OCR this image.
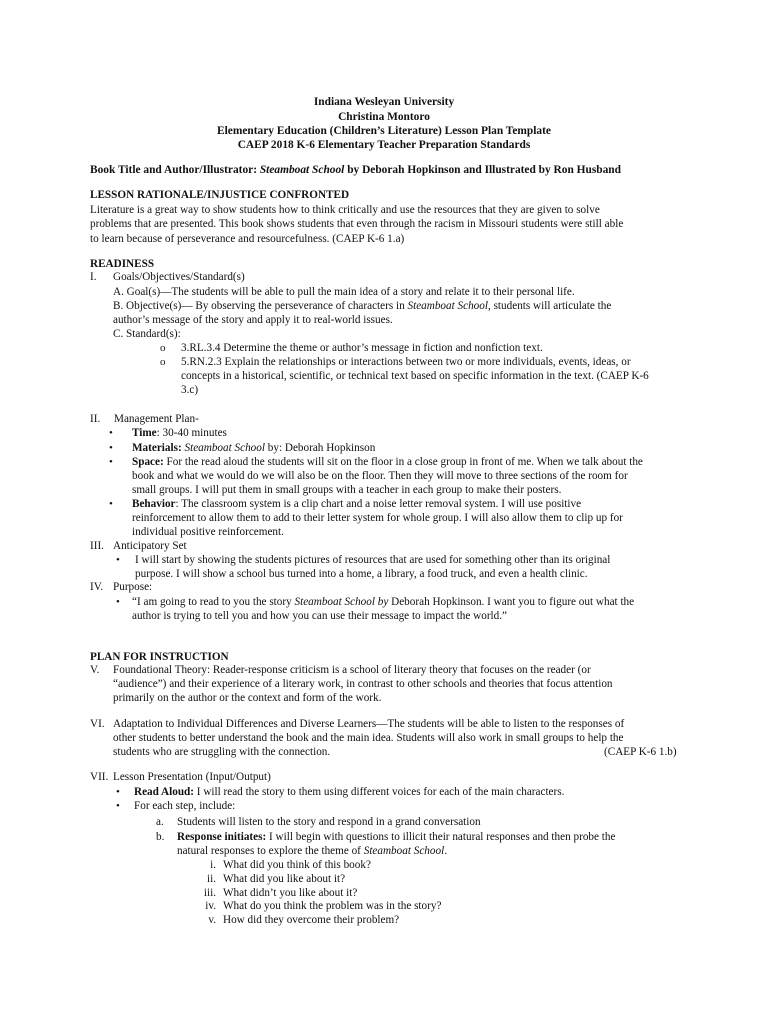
Indiana Wesleyan University
Christina Montoro
Elementary Education (Children’s Literature) Lesson Plan Template
CAEP 2018 K-6 Elementary Teacher Preparation Standards
Book Title and Author/Illustrator: Steamboat School by Deborah Hopkinson and Illustrated by Ron Husband
LESSON RATIONALE/INJUSTICE CONFRONTED
Literature is a great way to show students how to think critically and use the resources that they are given to solve
problems that are presented. This book shows students that even through the racism in Missouri students were still able
to learn because of perseverance and resourcefulness. (CAEP K-6 1.a)
READINESS
I. Goals/Objectives/Standard(s)
A. Goal(s)—The students will be able to pull the main idea of a story and relate it to their personal life.
B. Objective(s)— By observing the perseverance of characters in Steamboat School, students will articulate the
author’s message of the story and apply it to real-world issues.
C. Standard(s):
o 3.RL.3.4 Determine the theme or author’s message in fiction and nonfiction text.
o 5.RN.2.3 Explain the relationships or interactions between two or more individuals, events, ideas, or
concepts in a historical, scientific, or technical text based on specific information in the text. (CAEP K-6
3.c)
II. Management Plan-
• Time: 30-40 minutes
• Materials: Steamboat School by: Deborah Hopkinson
• Space: For the read aloud the students will sit on the floor in a close group in front of me. When we talk about the
book and what we would do we will also be on the floor. Then they will move to three sections of the room for
small groups. I will put them in small groups with a teacher in each group to make their posters.
• Behavior: The classroom system is a clip chart and a noise letter removal system. I will use positive
reinforcement to allow them to add to their letter system for whole group. I will also allow them to clip up for
individual positive reinforcement.
III. Anticipatory Set
• I will start by showing the students pictures of resources that are used for something other than its original
purpose. I will show a school bus turned into a home, a library, a food truck, and even a health clinic.
IV. Purpose:
• “I am going to read to you the story Steamboat School by Deborah Hopkinson. I want you to figure out what the
author is trying to tell you and how you can use their message to impact the world.”
PLAN FOR INSTRUCTION
V. Foundational Theory: Reader-response criticism is a school of literary theory that focuses on the reader (or
“audience”) and their experience of a literary work, in contrast to other schools and theories that focus attention
primarily on the author or the context and form of the work.
VI. Adaptation to Individual Differences and Diverse Learners—The students will be able to listen to the responses of
other students to better understand the book and the main idea. Students will also work in small groups to help the
students who are struggling with the connection.	(CAEP K-6 1.b)
VII. Lesson Presentation (Input/Output)
• Read Aloud: I will read the story to them using different voices for each of the main characters.
• For each step, include:
a. Students will listen to the story and respond in a grand conversation
b. Response initiates: I will begin with questions to illicit their natural responses and then probe the
natural responses to explore the theme of Steamboat School.
i. What did you think of this book?
ii. What did you like about it?
iii. What didn’t you like about it?
iv. What do you think the problem was in the story?
v. How did they overcome their problem?
